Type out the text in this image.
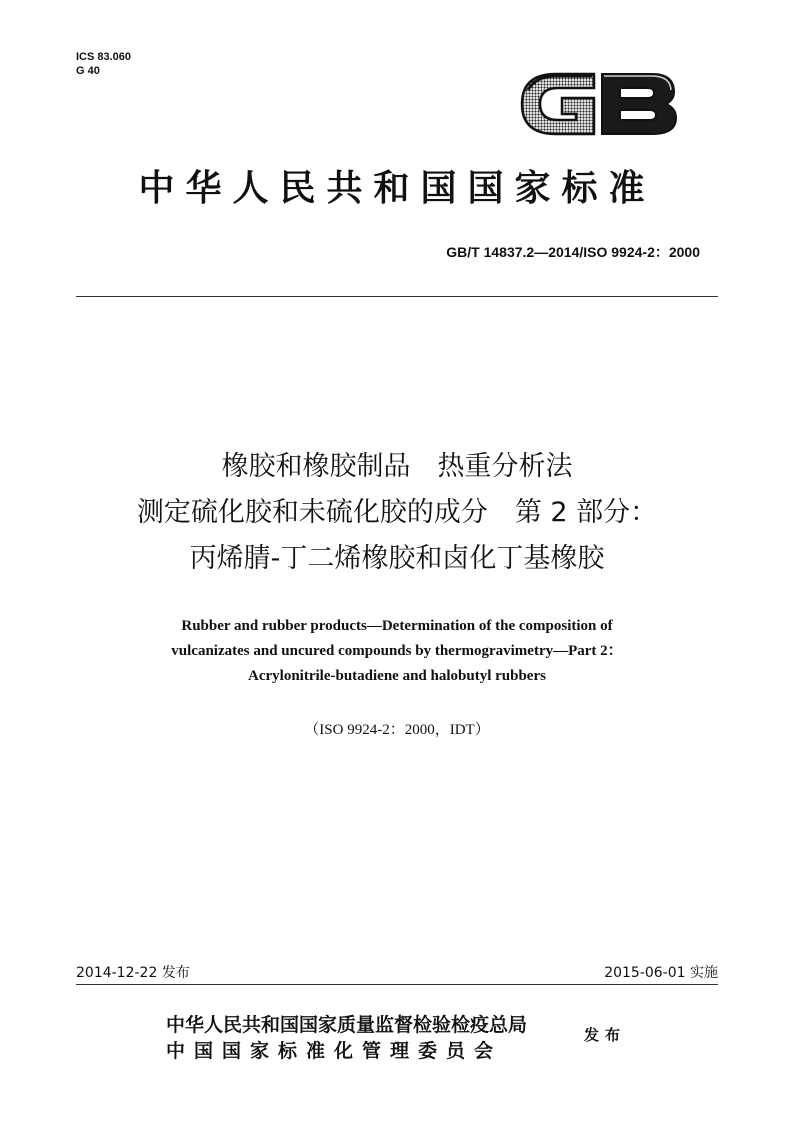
ICS 83.060
G 40
中华人民共和国国家标准
GB/T 14837.2—2014/ISO 9924-2：2000
橡胶和橡胶制品　热重分析法
测定硫化胶和未硫化胶的成分　第 2 部分：
丙烯腈-丁二烯橡胶和卤化丁基橡胶
Rubber and rubber products—Determination of the composition of
vulcanizates and uncured compounds by thermogravimetry—Part 2：
Acrylonitrile-butadiene and halobutyl rubbers
（ISO 9924-2：2000，IDT）
2014-12-22 发布	2015-06-01 实施
中华人民共和国国家质量监督检验检疫总局
中国国家标准化管理委员会
发布
